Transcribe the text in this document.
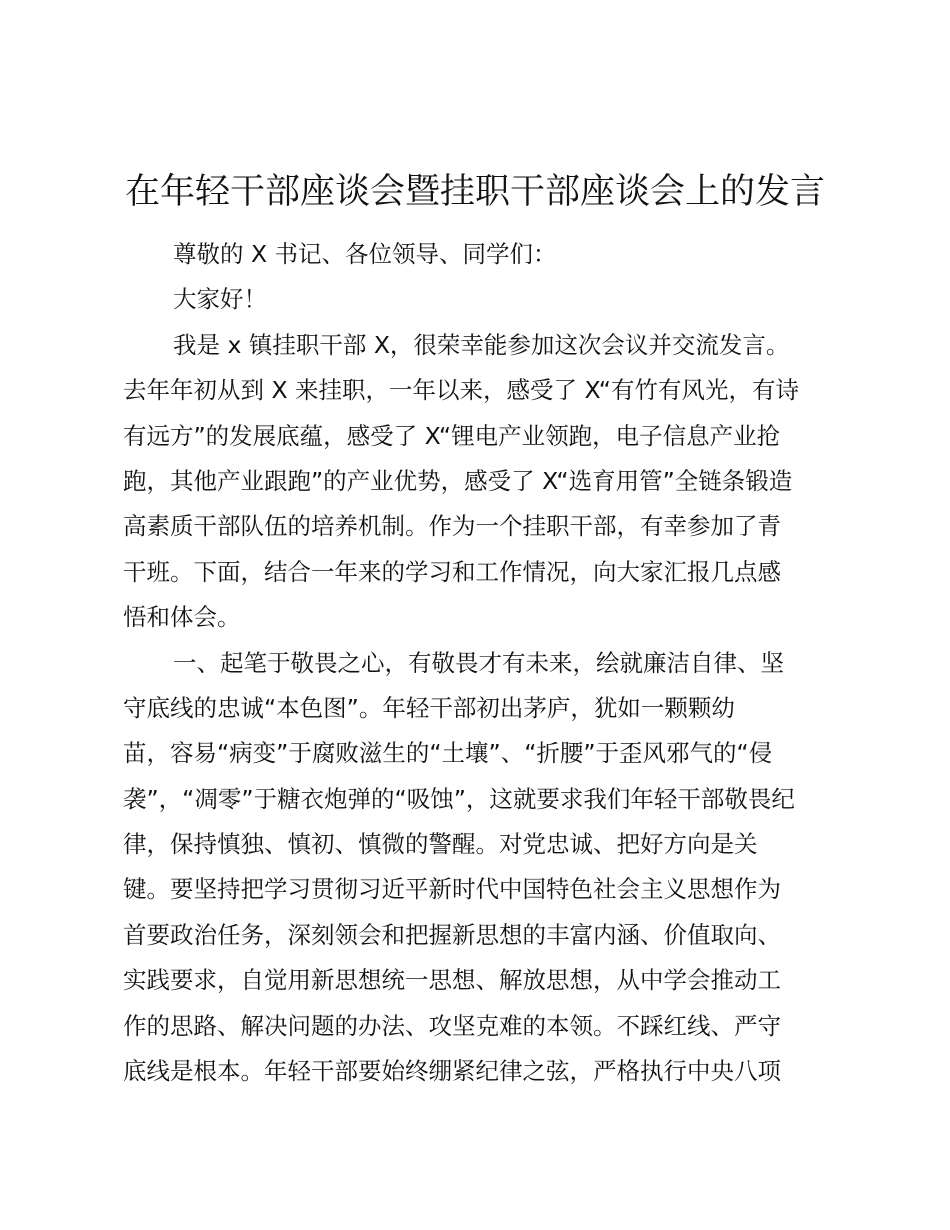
在年轻干部座谈会暨挂职干部座谈会上的发言

尊敬的 X 书记、各位领导、同学们：

大家好！

我是 x 镇挂职干部 X，很荣幸能参加这次会议并交流发言。

去年年初从到 X 来挂职，一年以来，感受了 X“有竹有风光，有诗

有远方”的发展底蕴，感受了 X“锂电产业领跑，电子信息产业抢

跑，其他产业跟跑”的产业优势，感受了 X“选育用管”全链条锻造

高素质干部队伍的培养机制。作为一个挂职干部，有幸参加了青

干班。下面，结合一年来的学习和工作情况，向大家汇报几点感

悟和体会。

一、起笔于敬畏之心，有敬畏才有未来，绘就廉洁自律、坚

守底线的忠诚“本色图”。年轻干部初出茅庐，犹如一颗颗幼

苗，容易“病变”于腐败滋生的“土壤”、“折腰”于歪风邪气的“侵

袭”，“凋零”于糖衣炮弹的“吸蚀”，这就要求我们年轻干部敬畏纪

律，保持慎独、慎初、慎微的警醒。对党忠诚、把好方向是关

键。要坚持把学习贯彻习近平新时代中国特色社会主义思想作为

首要政治任务，深刻领会和把握新思想的丰富内涵、价值取向、

实践要求，自觉用新思想统一思想、解放思想，从中学会推动工

作的思路、解决问题的办法、攻坚克难的本领。不踩红线、严守

底线是根本。年轻干部要始终绷紧纪律之弦，严格执行中央八项
